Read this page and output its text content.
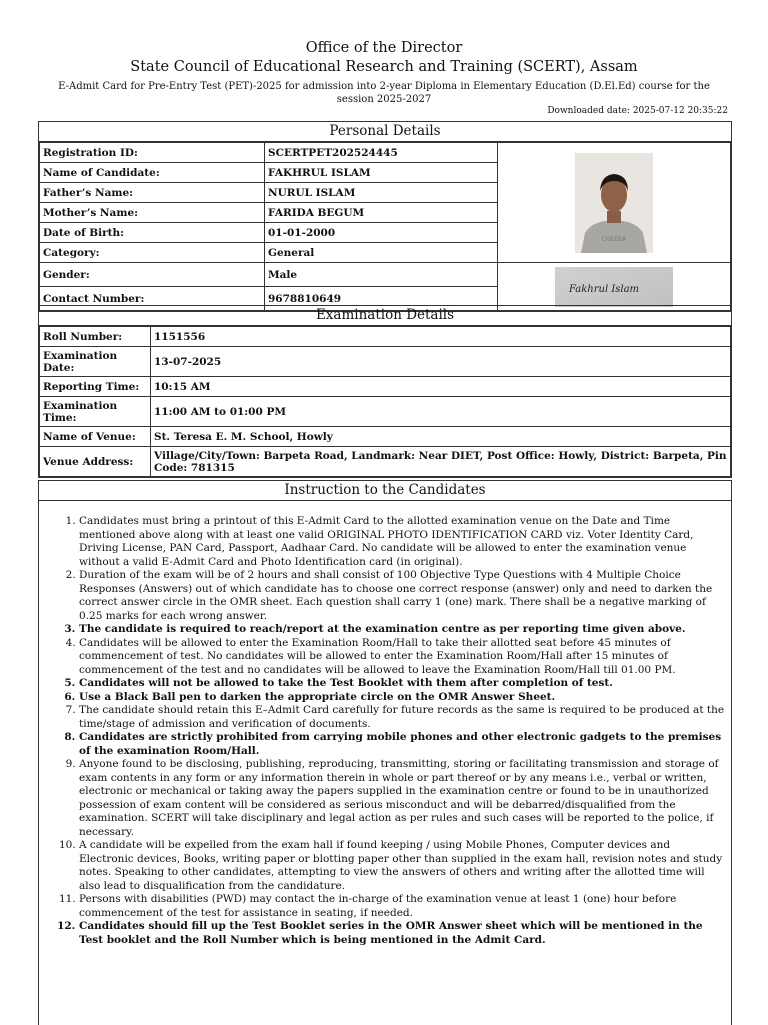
Office of the Director
State Council of Educational Research and Training (SCERT), Assam
E-Admit Card for Pre-Entry Test (PET)-2025 for admission into 2-year Diploma in Elementary Education (D.El.Ed) course for the session 2025-2027
Downloaded date: 2025-07-12 20:35:22
Personal Details
Registration ID:	SCERTPET202524445	CHEEBA

Name of Candidate:	FAKHRUL ISLAM	
Father’s Name:	NURUL ISLAM	
Mother’s Name:	FARIDA BEGUM	
Date of Birth:	01-01-2000	
Category:	General	
Gender:	Male	Fakhrul Islam

Contact Number:	9678810649	
Examination Details
Roll Number:	1151556
Examination Date:	13-07-2025
Reporting Time:	10:15 AM
Examination Time:	11:00 AM to 01:00 PM
Name of Venue:	St. Teresa E. M. School, Howly
Venue Address:	Village/City/Town: Barpeta Road, Landmark: Near DIET, Post Office: Howly, District: Barpeta, Pin Code: 781315
Instruction to the Candidates
1. Candidates must bring a printout of this E-Admit Card to the allotted examination venue on the Date and Time mentioned above along with at least one valid ORIGINAL PHOTO IDENTIFICATION CARD viz. Voter Identity Card, Driving License, PAN Card, Passport, Aadhaar Card. No candidate will be allowed to enter the examination venue without a valid E-Admit Card and Photo Identification card (in original).
2. Duration of the exam will be of 2 hours and shall consist of 100 Objective Type Questions with 4 Multiple Choice Responses (Answers) out of which candidate has to choose one correct response (answer) only and need to darken the correct answer circle in the OMR sheet. Each question shall carry 1 (one) mark. There shall be a negative marking of 0.25 marks for each wrong answer.
3. The candidate is required to reach/report at the examination centre as per reporting time given above.
4. Candidates will be allowed to enter the Examination Room/Hall to take their allotted seat before 45 minutes of commencement of test. No candidates will be allowed to enter the Examination Room/Hall after 15 minutes of commencement of the test and no candidates will be allowed to leave the Examination Room/Hall till 01.00 PM.
5. Candidates will not be allowed to take the Test Booklet with them after completion of test.
6. Use a Black Ball pen to darken the appropriate circle on the OMR Answer Sheet.
7. The candidate should retain this E–Admit Card carefully for future records as the same is required to be produced at the time/stage of admission and verification of documents.
8. Candidates are strictly prohibited from carrying mobile phones and other electronic gadgets to the premises of the examination Room/Hall.
9. Anyone found to be disclosing, publishing, reproducing, transmitting, storing or facilitating transmission and storage of exam contents in any form or any information therein in whole or part thereof or by any means i.e., verbal or written, electronic or mechanical or taking away the papers supplied in the examination centre or found to be in unauthorized possession of exam content will be considered as serious misconduct and will be debarred/disqualified from the examination. SCERT will take disciplinary and legal action as per rules and such cases will be reported to the police, if necessary.
10. A candidate will be expelled from the exam hall if found keeping / using Mobile Phones, Computer devices and Electronic devices, Books, writing paper or blotting paper other than supplied in the exam hall, revision notes and study notes. Speaking to other candidates, attempting to view the answers of others and writing after the allotted time will also lead to disqualification from the candidature.
11. Persons with disabilities (PWD) may contact the in-charge of the examination venue at least 1 (one) hour before commencement of the test for assistance in seating, if needed.
12. Candidates should fill up the Test Booklet series in the OMR Answer sheet which will be mentioned in the Test booklet and the Roll Number which is being mentioned in the Admit Card.
